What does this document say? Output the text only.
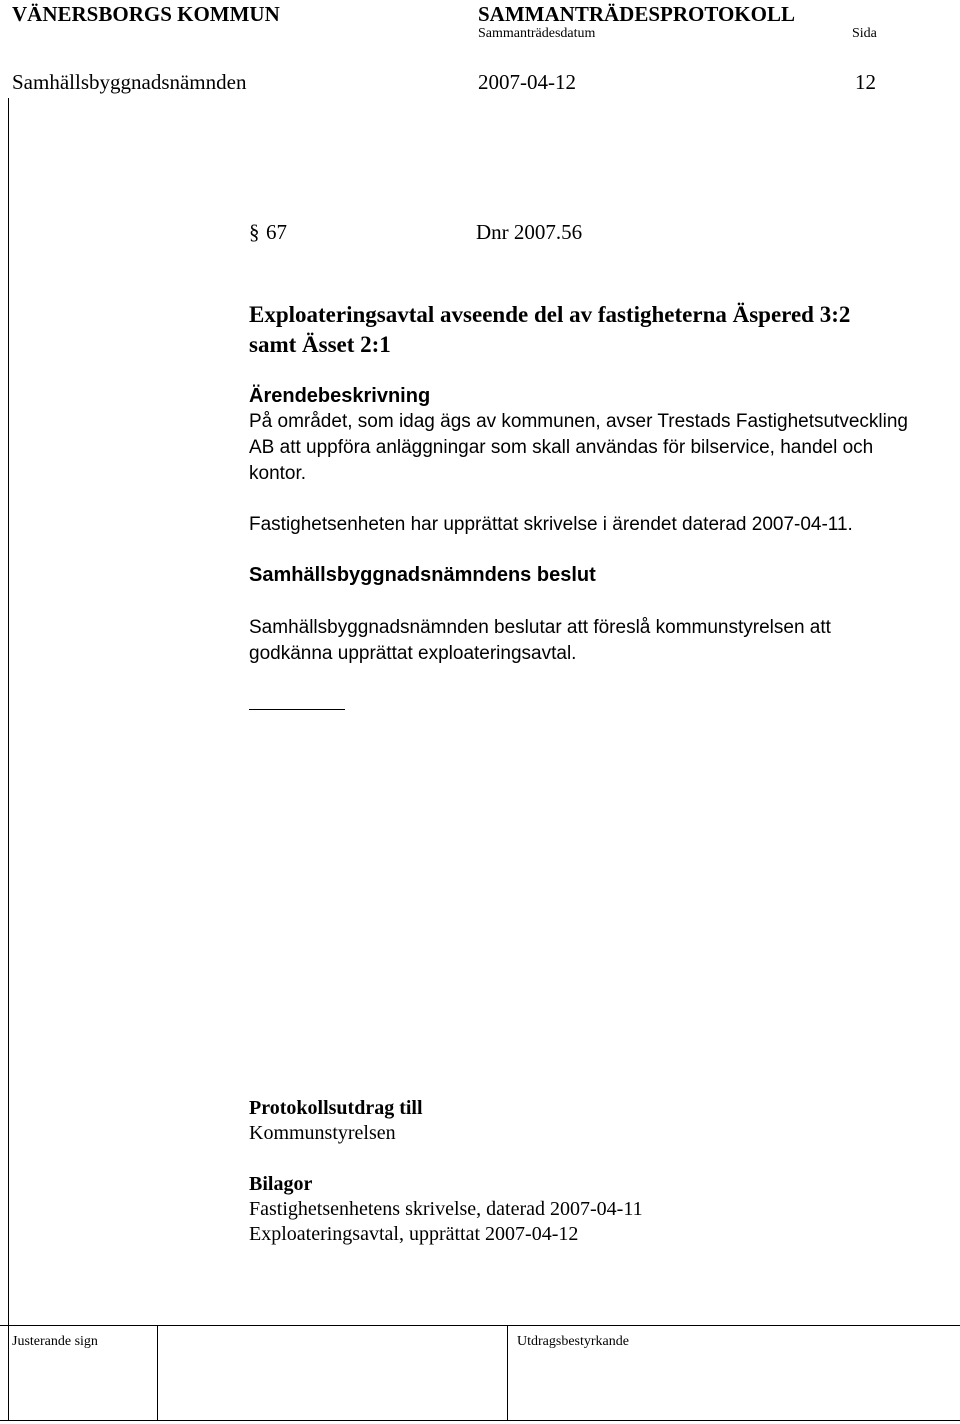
VÄNERSBORGS KOMMUN	SAMMANTRÄDESPROTOKOLL
Sammanträdesdatum	Sida
Samhällsbyggnadsnämnden	2007-04-12	12
§ 67	Dnr 2007.56
Exploateringsavtal avseende del av fastigheterna Äspered 3:2
samt Ässet 2:1
Ärendebeskrivning
På området, som idag ägs av kommunen, avser Trestads Fastighetsutveckling
AB att uppföra anläggningar som skall användas för bilservice, handel och
kontor.
Fastighetsenheten har upprättat skrivelse i ärendet daterad 2007-04-11.
Samhällsbyggnadsnämndens beslut
Samhällsbyggnadsnämnden beslutar att föreslå kommunstyrelsen att
godkänna upprättat exploateringsavtal.
Protokollsutdrag till
Kommunstyrelsen
Bilagor
Fastighetsenhetens skrivelse, daterad 2007-04-11
Exploateringsavtal, upprättat 2007-04-12
Justerande sign	Utdragsbestyrkande
